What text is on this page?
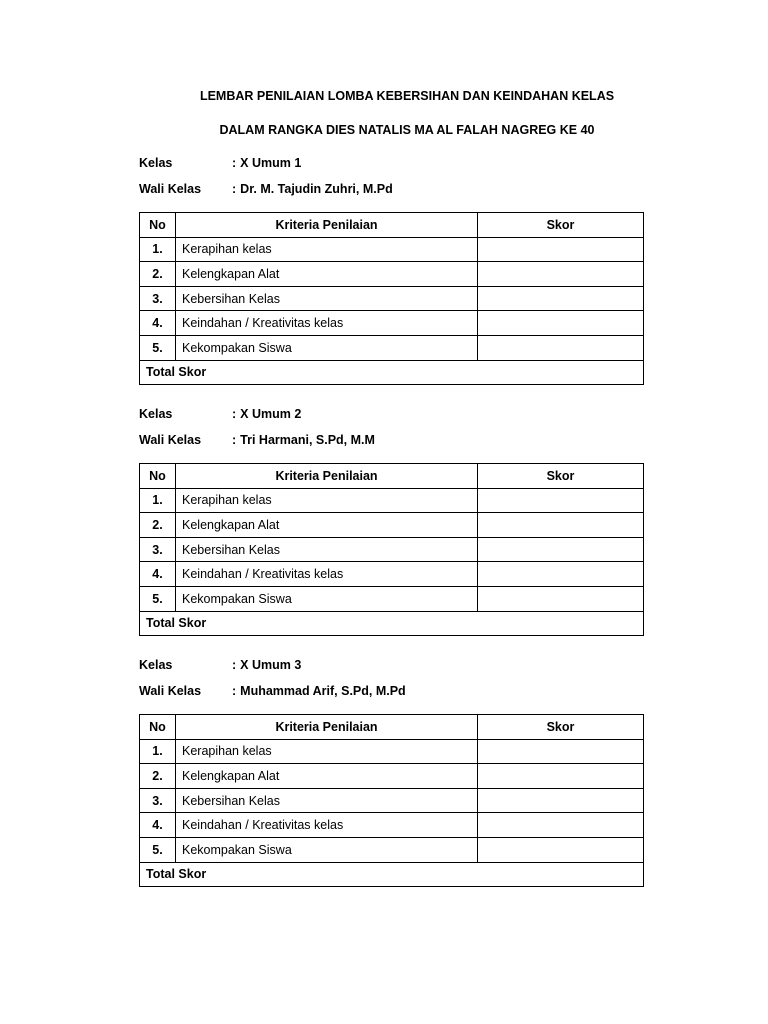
LEMBAR PENILAIAN LOMBA KEBERSIHAN DAN KEINDAHAN KELAS
DALAM RANGKA DIES NATALIS MA AL FALAH NAGREG KE 40
Kelas	: X Umum 1
Wali Kelas : Dr. M. Tajudin Zuhri, M.Pd
No	Kriteria Penilaian	Skor
1.	Kerapihan kelas	
2.	Kelengkapan Alat	
3.	Kebersihan Kelas	
4.	Keindahan / Kreativitas kelas	
5.	Kekompakan Siswa	
Total Skor		
Kelas	: X Umum 2
Wali Kelas : Tri Harmani, S.Pd, M.M
No	Kriteria Penilaian	Skor
1.	Kerapihan kelas	
2.	Kelengkapan Alat	
3.	Kebersihan Kelas	
4.	Keindahan / Kreativitas kelas	
5.	Kekompakan Siswa	
Total Skor		
Kelas	: X Umum 3
Wali Kelas : Muhammad Arif, S.Pd, M.Pd
No	Kriteria Penilaian	Skor
1.	Kerapihan kelas	
2.	Kelengkapan Alat	
3.	Kebersihan Kelas	
4.	Keindahan / Kreativitas kelas	
5.	Kekompakan Siswa	
Total Skor		
